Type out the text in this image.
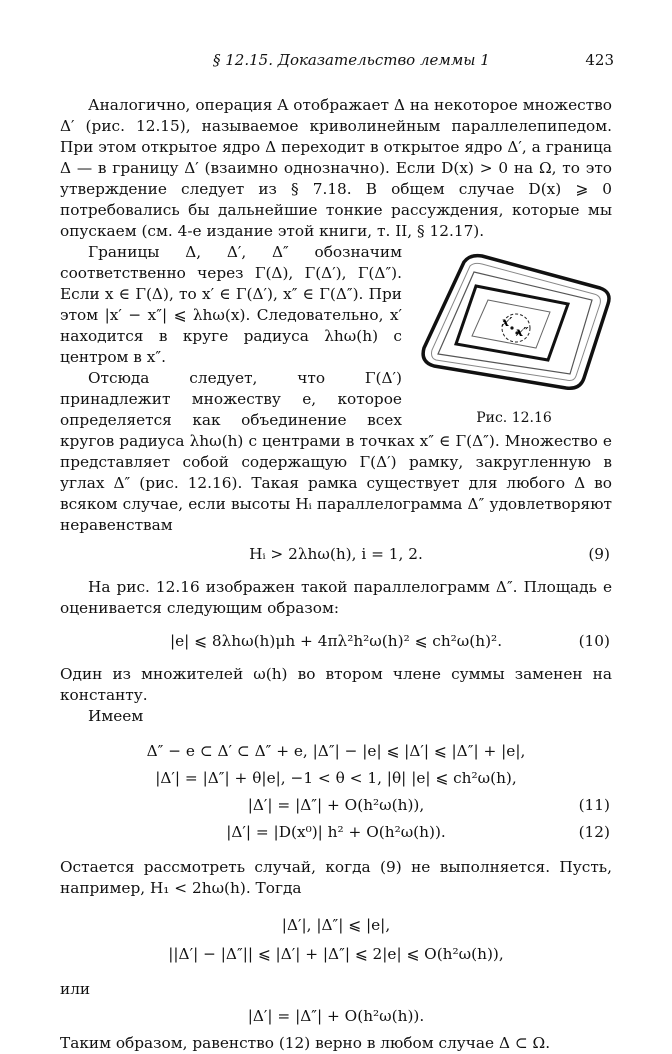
§ 12.15. Доказательство леммы 1	423

Аналогично, операция A отображает Δ на некоторое множество Δ′ (рис. 12.15), называемое криволинейным параллелепипедом. При этом открытое ядро Δ переходит в открытое ядро Δ′, а граница Δ — в границу Δ′ (взаимно однозначно). Если D(x) > 0 на Ω, то это утверждение следует из § 7.18. В общем случае D(x) ⩾ 0 потребовались бы дальнейшие тонкие рассуждения, которые мы опускаем (см. 4-е издание этой книги, т. II, § 12.17).

x′
x″
Рис. 12.16

Границы Δ, Δ′, Δ″ обозначим соответственно через Γ(Δ), Γ(Δ′), Γ(Δ″). Если x ∈ Γ(Δ), то x′ ∈ Γ(Δ′), x″ ∈ Γ(Δ″). При этом |x′ − x″| ⩽ λhω(x). Следовательно, x′ находится в круге радиуса λhω(h) с центром в x″.

Отсюда следует, что Γ(Δ′) принадлежит множеству e, которое определяется как объединение всех кругов радиуса λhω(h) с центрами в точках x″ ∈ Γ(Δ″). Множество e представляет собой содержащую Γ(Δ′) рамку, закругленную в углах Δ″ (рис. 12.16). Такая рамка существует для любого Δ во всяком случае, если высоты Hᵢ параллелограмма Δ″ удовлетворяют неравенствам

Hᵢ > 2λhω(h), i = 1, 2.	(9)

На рис. 12.16 изображен такой параллелограмм Δ″. Площадь e оценивается следующим образом:

|e| ⩽ 8λhω(h)μh + 4πλ²h²ω(h)² ⩽ ch²ω(h)².	(10)

Один из множителей ω(h) во втором члене суммы заменен на константу.

Имеем

Δ″ − e ⊂ Δ′ ⊂ Δ″ + e, |Δ″| − |e| ⩽ |Δ′| ⩽ |Δ″| + |e|,

|Δ′| = |Δ″| + θ|e|, −1 < θ < 1, |θ| |e| ⩽ ch²ω(h),

|Δ′| = |Δ″| + O(h²ω(h)),	(11)

|Δ′| = |D(x⁰)| h² + O(h²ω(h)).	(12)

Остается рассмотреть случай, когда (9) не выполняется. Пусть, например, H₁ < 2hω(h). Тогда

|Δ′|, |Δ″| ⩽ |e|,

||Δ′| − |Δ″|| ⩽ |Δ′| + |Δ″| ⩽ 2|e| ⩽ O(h²ω(h)),

или

|Δ′| = |Δ″| + O(h²ω(h)).

Таким образом, равенство (12) верно в любом случае Δ ⊂ Ω.
